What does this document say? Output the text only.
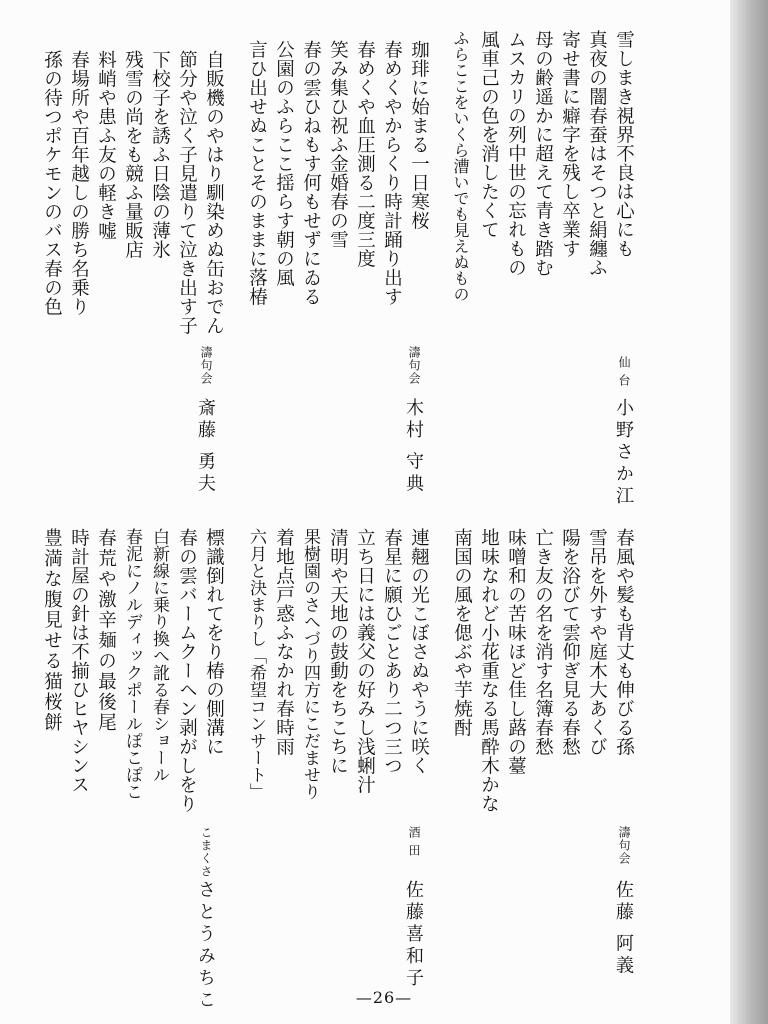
雪しまき視界不良は心にも
真夜の闇春蚕はそつと絹纏ふ
寄せ書に癖字を残し卒業す
母の齢遥かに超えて青き踏む
ムスカリの列中世の忘れもの
風車己の色を消したくて
ふらここをいくら漕いでも見えぬもの
仙 台
小野さか江
珈琲に始まる一日寒桜
春めくやからくり時計踊り出す
春めくや血圧測る二度三度
笑み集ひ祝ふ金婚春の雪
春の雲ひねもす何もせずにゐる
公園のふらここ揺らす朝の風
言ひ出せぬことそのままに落椿
濤句会
木村 守典
自販機のやはり馴染めぬ缶おでん
節分や泣く子見遣りて泣き出す子
下校子を誘ふ日陰の薄氷
残雪の尚をも競ふ量販店
料峭や患ふ友の軽き嘘
春場所や百年越しの勝ち名乗り
孫の待つポケモンのバス春の色
濤句会
斎藤 勇夫
春風や髪も背丈も伸びる孫
雪吊を外すや庭木大あくび
陽を浴びて雲仰ぎ見る春愁
亡き友の名を消す名簿春愁
味噌和の苦味ほど佳し蕗の薹
地味なれど小花重なる馬酔木かな
南国の風を偲ぶや芋焼酎
濤句会
佐藤 阿義
連翹の光こぼさぬやうに咲く
春星に願ひごとあり二つ三つ
立ち日には義父の好みし浅蜊汁
清明や天地の鼓動をちこちに
果樹園のさへづり四方にこだませり
着地点戸惑ふなかれ春時雨
六月と決まりし「希望コンサート」
酒 田
佐藤喜和子
標識倒れてをり椿の側溝に
春の雲バームクーヘン剥がしをり
白新線に乗り換へ訛る春ショール
春泥にノルディックポールぽこぽこ
春荒や激辛麺の最後尾
時計屋の針は不揃ひヒヤシンス
豊満な腹見せる猫桜餅
こまくさ
さとうみちこ	—26—
